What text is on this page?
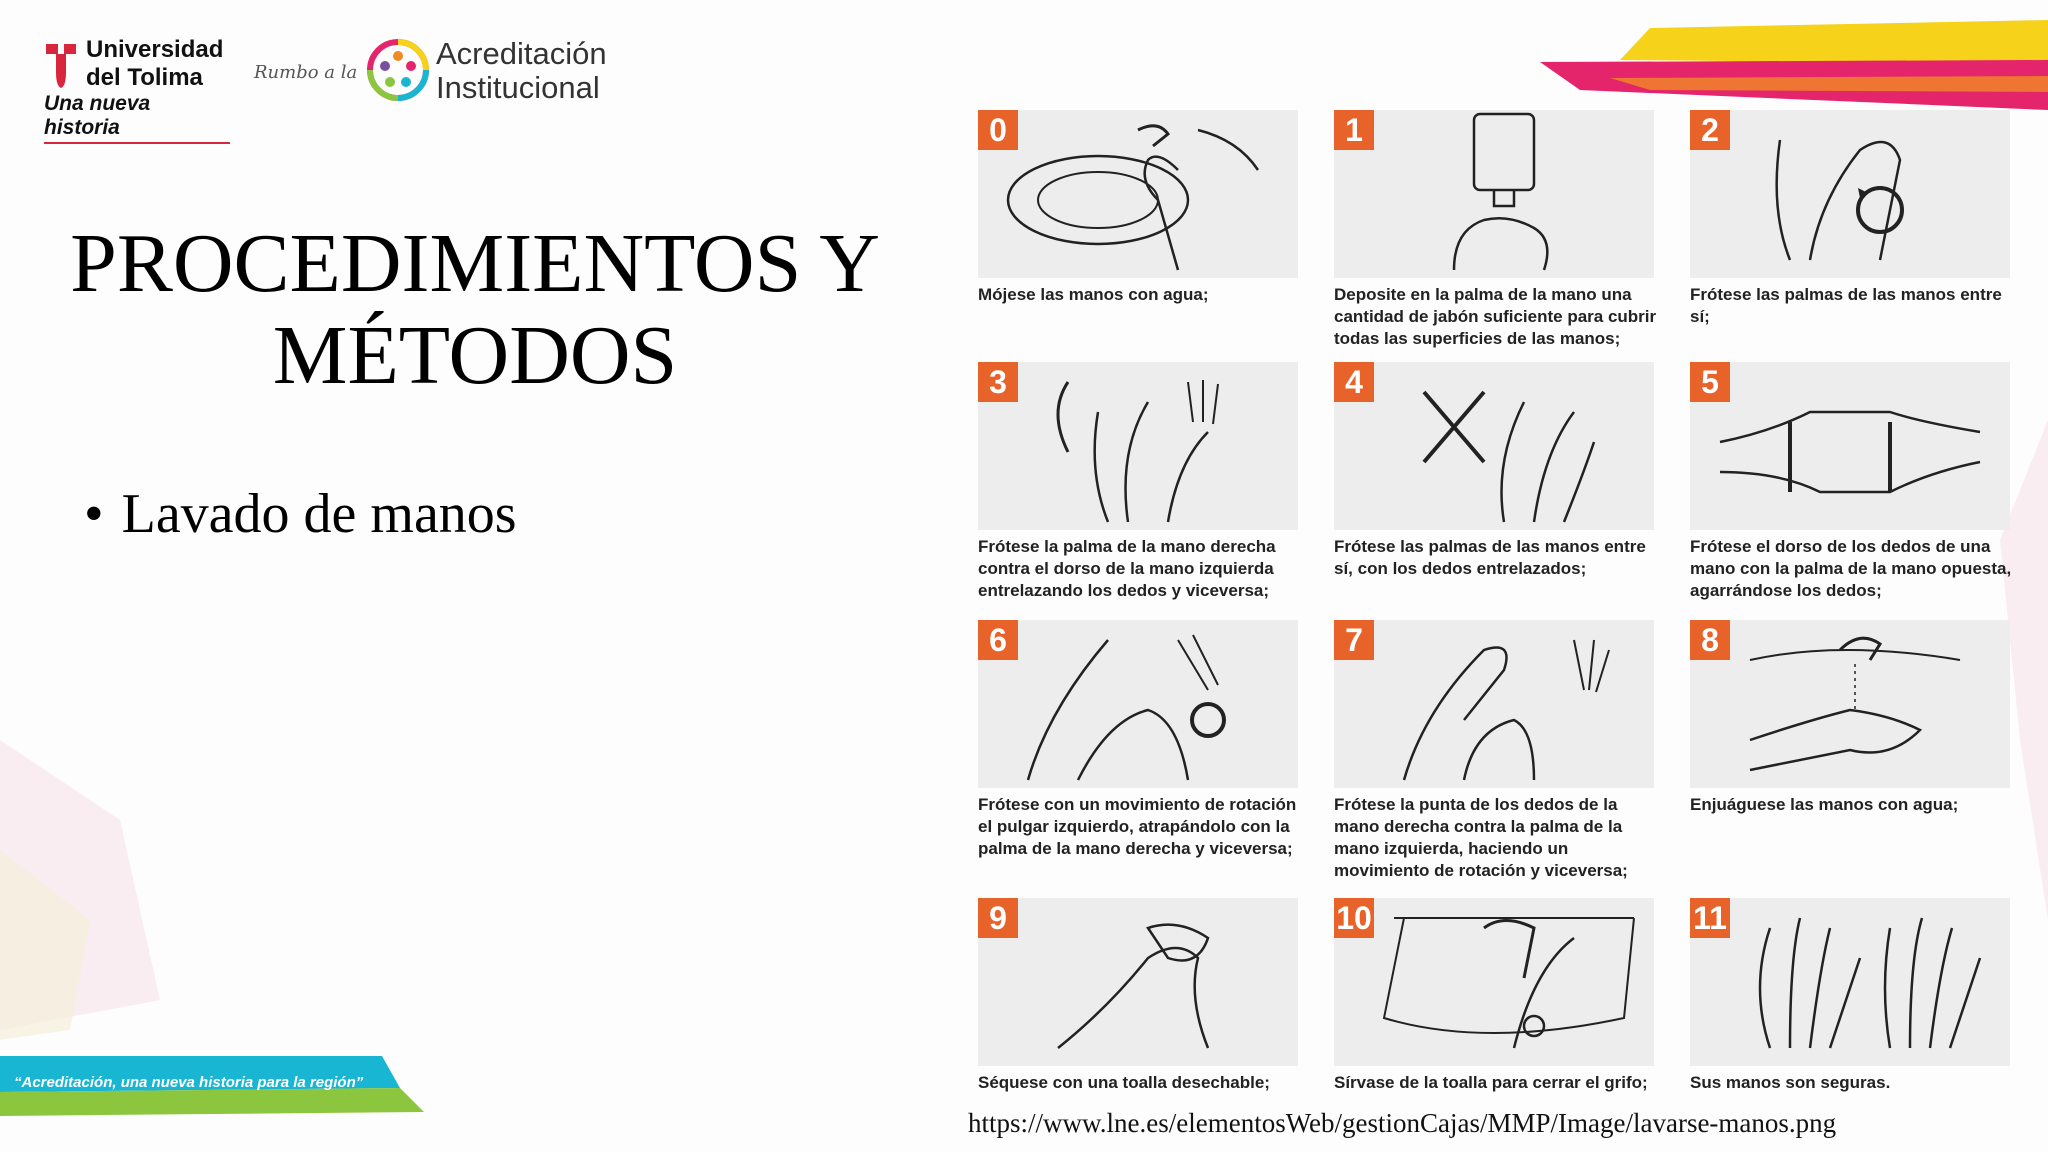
Universidad
del Tolima
Una nueva historia
Rumbo a la
Acreditación
Institucional
PROCEDIMIENTOS Y
MÉTODOS
• Lavado de manos
0
Mójese las manos con agua;
1
Deposite en la palma de la mano una cantidad de jabón suficiente para cubrir todas las superficies de las manos;
2
Frótese las palmas de las manos entre sí;
3
Frótese la palma de la mano derecha contra el dorso de la mano izquierda entrelazando los dedos y viceversa;
4
Frótese las palmas de las manos entre sí, con los dedos entrelazados;
5
Frótese el dorso de los dedos de una mano con la palma de la mano opuesta, agarrándose los dedos;
6
Frótese con un movimiento de rotación el pulgar izquierdo, atrapándolo con la palma de la mano derecha y viceversa;
7
Frótese la punta de los dedos de la mano derecha contra la palma de la mano izquierda, haciendo un movimiento de rotación y viceversa;
8
Enjuáguese las manos con agua;
9
Séquese con una toalla desechable;
10
Sírvase de la toalla para cerrar el grifo;
11
Sus manos son seguras.
https://www.lne.es/elementosWeb/gestionCajas/MMP/Image/lavarse-manos.png
“Acreditación, una nueva historia para la región”
